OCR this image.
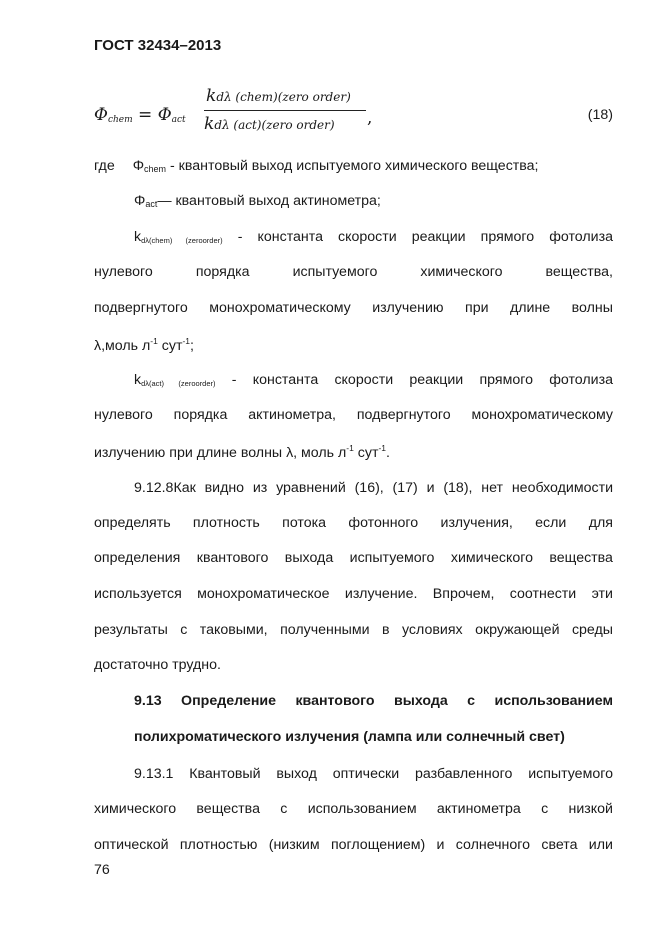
ГОСТ 32434–2013
$\Phi_{chem} = \Phi_{act}$
kdλ (chem)(zero order)
kdλ (act)(zero order) ,	(18)
где $\Phi_{chem}$ - квантовый выход испытуемого химического вещества;
$\Phi_{act}—$ квантовый выход актинометра;
$k_{d\lambda(chem) (zeroorder)}$ - константа скорости реакции прямого фотолиза
нулевого	порядка	испытуемого	химического	вещества,
подвергнутого монохроматическому излучению при длине волны
λ,моль $л^{-1}$ сут$^{-1}$;
$k_{d\lambda(act) (zeroorder)}$ - константа скорости реакции прямого фотолиза
нулевого порядка актинометра, подвергнутого монохроматическому
излучению при длине волны λ, моль $л^{-1}$ сут$^{-1}$.
9.12.8Как видно из уравнений (16), (17) и (18), нет необходимости
определять плотность потока фотонного излучения, если для
определения квантового выхода испытуемого химического вещества
используется монохроматическое излучение. Впрочем, соотнести эти
результаты с таковыми, полученными в условиях окружающей среды
достаточно трудно.
9.13 Определение квантового выхода с использованием
полихроматического излучения (лампа или солнечный свет)
9.13.1 Квантовый выход оптически разбавленного испытуемого
химического вещества с использованием актинометра с низкой
оптической плотностью (низким поглощением) и солнечного света или
76
